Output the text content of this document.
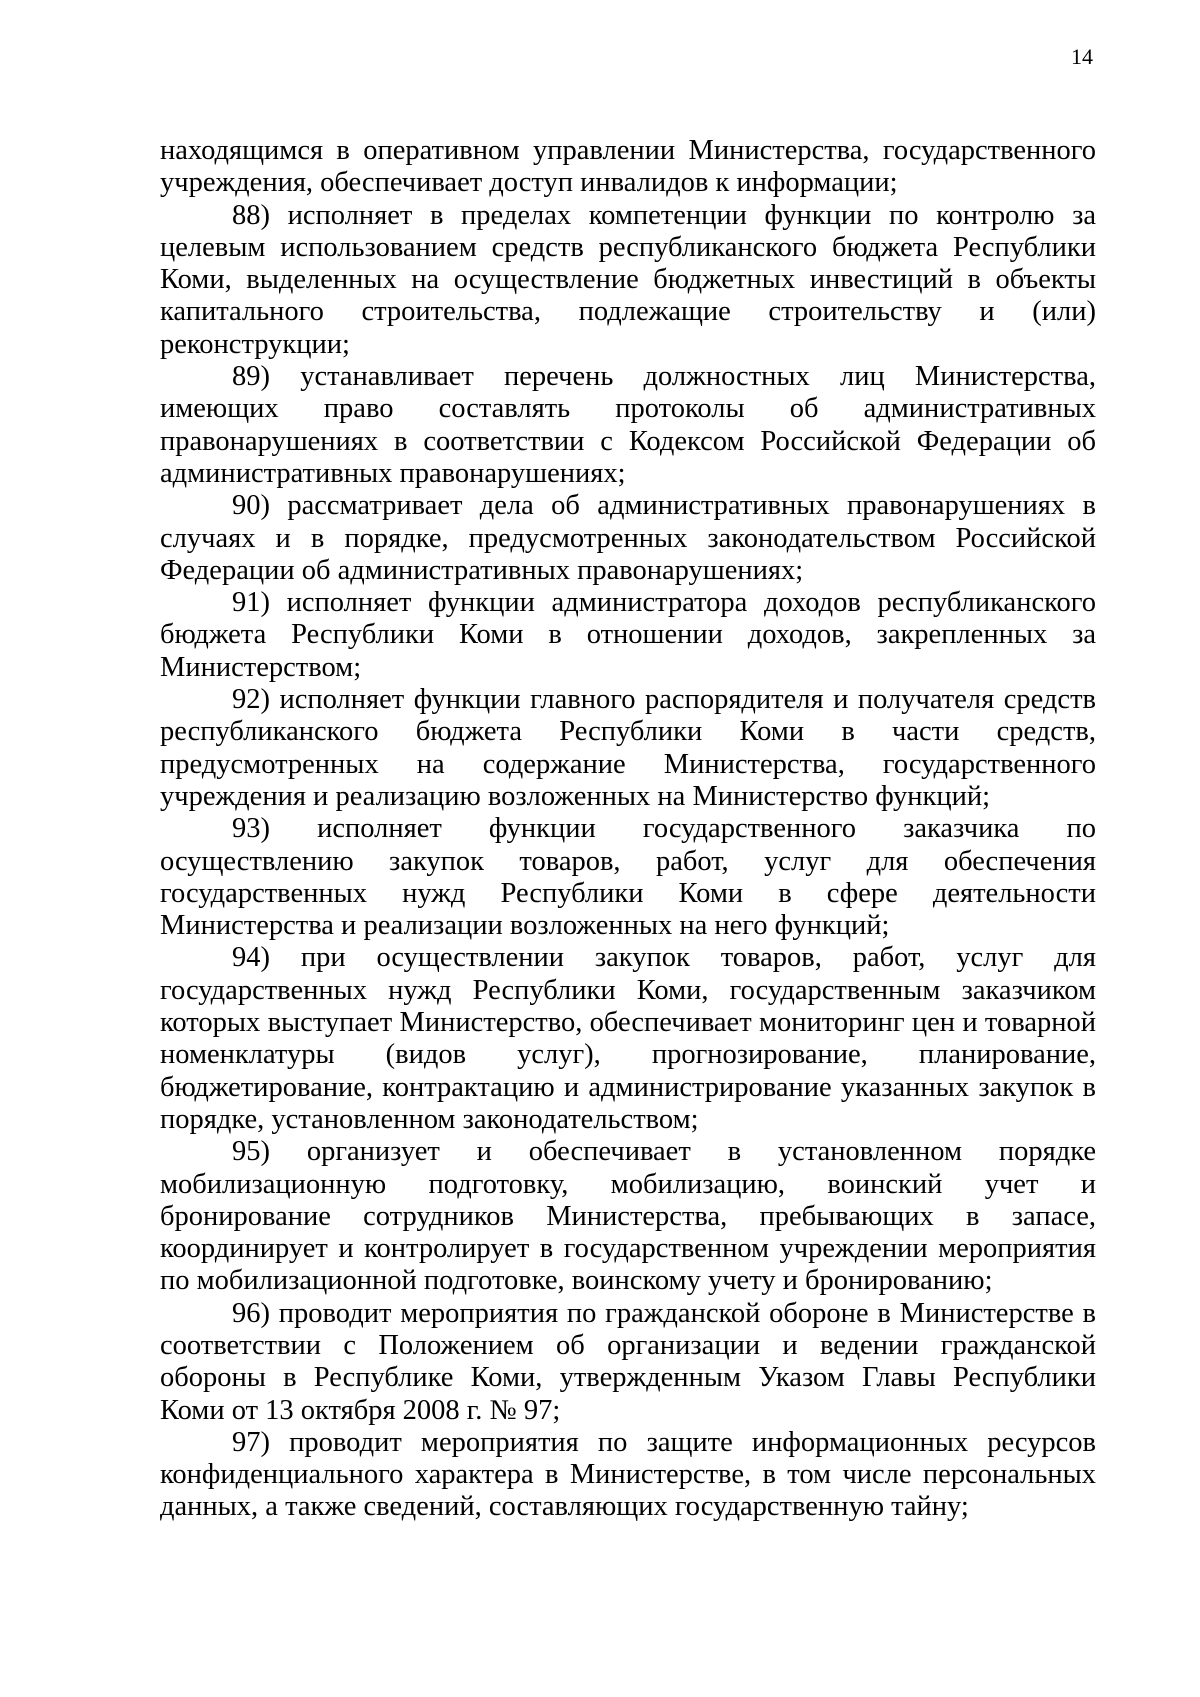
14

находящимся в оперативном управлении Министерства, государственного учреждения, обеспечивает доступ инвалидов к информации;

88) исполняет в пределах компетенции функции по контролю за целевым использованием средств республиканского бюджета Республики Коми, выделенных на осуществление бюджетных инвестиций в объекты капитального строительства, подлежащие строительству и (или) реконструкции;

89) устанавливает перечень должностных лиц Министерства, имеющих право составлять протоколы об административных правонарушениях в соответствии с Кодексом Российской Федерации об административных правонарушениях;

90) рассматривает дела об административных правонарушениях в случаях и в порядке, предусмотренных законодательством Российской Федерации об административных правонарушениях;

91) исполняет функции администратора доходов республиканского бюджета Республики Коми в отношении доходов, закрепленных за Министерством;

92) исполняет функции главного распорядителя и получателя средств республиканского бюджета Республики Коми в части средств, предусмотренных на содержание Министерства, государственного учреждения и реализацию возложенных на Министерство функций;

93) исполняет функции государственного заказчика по осуществлению закупок товаров, работ, услуг для обеспечения государственных нужд Республики Коми в сфере деятельности Министерства и реализации возложенных на него функций;

94) при осуществлении закупок товаров, работ, услуг для государственных нужд Республики Коми, государственным заказчиком которых выступает Министерство, обеспечивает мониторинг цен и товарной номенклатуры (видов услуг), прогнозирование, планирование, бюджетирование, контрактацию и администрирование указанных закупок в порядке, установленном законодательством;

95) организует и обеспечивает в установленном порядке мобилизационную подготовку, мобилизацию, воинский учет и бронирование сотрудников Министерства, пребывающих в запасе, координирует и контролирует в государственном учреждении мероприятия по мобилизационной подготовке, воинскому учету и бронированию;

96) проводит мероприятия по гражданской обороне в Министерстве в соответствии с Положением об организации и ведении гражданской обороны в Республике Коми, утвержденным Указом Главы Республики Коми от 13 октября 2008 г. № 97;

97) проводит мероприятия по защите информационных ресурсов конфиденциального характера в Министерстве, в том числе персональных данных, а также сведений, составляющих государственную тайну;
